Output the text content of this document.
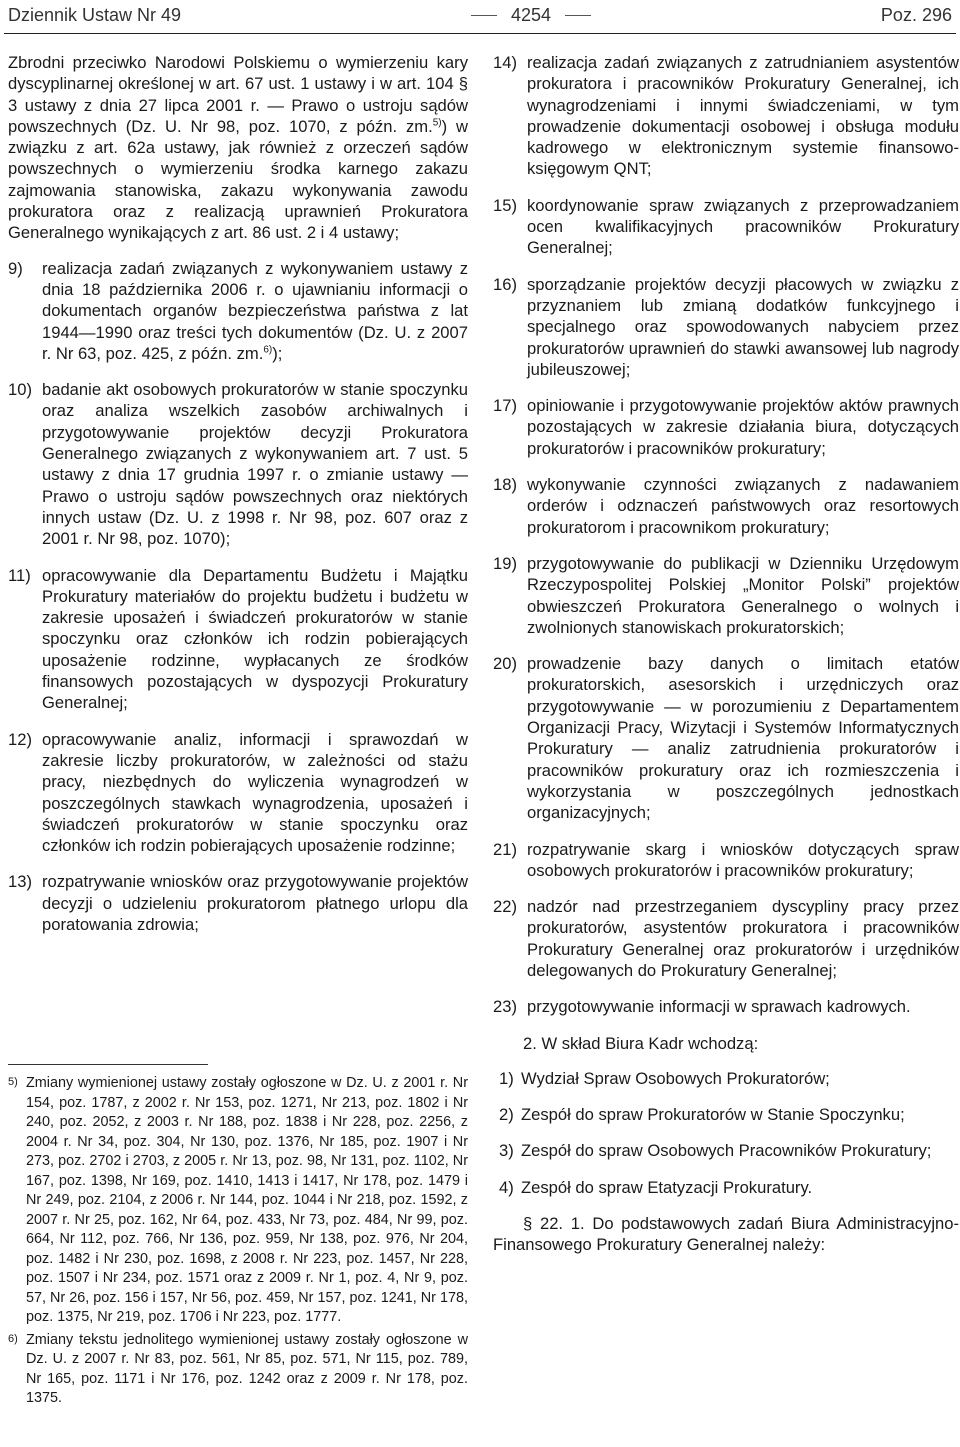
Dziennik Ustaw Nr 49	4254	Poz. 296

Zbrodni przeciwko Narodowi Polskiemu o wymierzeniu kary dyscyplinarnej określonej w art. 67 ust. 1 ustawy i w art. 104 § 3 ustawy z dnia 27 lipca 2001 r. — Prawo o ustroju sądów powszechnych (Dz. U. Nr 98, poz. 1070, z późn. zm.$^{5)}$) w związku z art. 62a ustawy, jak również z orzeczeń sądów powszechnych o wymierzeniu środka karnego zakazu zajmowania stanowiska, zakazu wykonywania zawodu prokuratora oraz z realizacją uprawnień Prokuratora Generalnego wynikających z art. 86 ust. 2 i 4 ustawy;

9)	realizacja zadań związanych z wykonywaniem ustawy z dnia 18 października 2006 r. o ujawnianiu informacji o dokumentach organów bezpieczeństwa państwa z lat 1944—1990 oraz treści tych dokumentów (Dz. U. z 2007 r. Nr 63, poz. 425, z późn. zm.$^{6)}$);
10) badanie akt osobowych prokuratorów w stanie spoczynku oraz analiza wszelkich zasobów archiwalnych i przygotowywanie projektów decyzji Prokuratora Generalnego związanych z wykonywaniem art. 7 ust. 5 ustawy z dnia 17 grudnia 1997 r. o zmianie ustawy — Prawo o ustroju sądów powszechnych oraz niektórych innych ustaw (Dz. U. z 1998 r. Nr 98, poz. 607 oraz z 2001 r. Nr 98, poz. 1070);
11) opracowywanie dla Departamentu Budżetu i Majątku Prokuratury materiałów do projektu budżetu i budżetu w zakresie uposażeń i świadczeń prokuratorów w stanie spoczynku oraz członków ich rodzin pobierających uposażenie rodzinne, wypłacanych ze środków finansowych pozostających w dyspozycji Prokuratury Generalnej;
12) opracowywanie analiz, informacji i sprawozdań w zakresie liczby prokuratorów, w zależności od stażu pracy, niezbędnych do wyliczenia wynagrodzeń w poszczególnych stawkach wynagrodzenia, uposażeń i świadczeń prokuratorów w stanie spoczynku oraz członków ich rodzin pobierających uposażenie rodzinne;
13) rozpatrywanie wniosków oraz przygotowywanie projektów decyzji o udzieleniu prokuratorom płatnego urlopu dla poratowania zdrowia;
5) Zmiany wymienionej ustawy zostały ogłoszone w Dz. U. z 2001 r. Nr 154, poz. 1787, z 2002 r. Nr 153, poz. 1271, Nr 213, poz. 1802 i Nr 240, poz. 2052, z 2003 r. Nr 188, poz. 1838 i Nr 228, poz. 2256, z 2004 r. Nr 34, poz. 304, Nr 130, poz. 1376, Nr 185, poz. 1907 i Nr 273, poz. 2702 i 2703, z 2005 r. Nr 13, poz. 98, Nr 131, poz. 1102, Nr 167, poz. 1398, Nr 169, poz. 1410, 1413 i 1417, Nr 178, poz. 1479 i Nr 249, poz. 2104, z 2006 r. Nr 144, poz. 1044 i Nr 218, poz. 1592, z 2007 r. Nr 25, poz. 162, Nr 64, poz. 433, Nr 73, poz. 484, Nr 99, poz. 664, Nr 112, poz. 766, Nr 136, poz. 959, Nr 138, poz. 976, Nr 204, poz. 1482 i Nr 230, poz. 1698, z 2008 r. Nr 223, poz. 1457, Nr 228, poz. 1507 i Nr 234, poz. 1571 oraz z 2009 r. Nr 1, poz. 4, Nr 9, poz. 57, Nr 26, poz. 156 i 157, Nr 56, poz. 459, Nr 157, poz. 1241, Nr 178, poz. 1375, Nr 219, poz. 1706 i Nr 223, poz. 1777.
6) Zmiany tekstu jednolitego wymienionej ustawy zostały ogłoszone w Dz. U. z 2007 r. Nr 83, poz. 561, Nr 85, poz. 571, Nr 115, poz. 789, Nr 165, poz. 1171 i Nr 176, poz. 1242 oraz z 2009 r. Nr 178, poz. 1375.
14) realizacja zadań związanych z zatrudnianiem asystentów prokuratora i pracowników Prokuratury Generalnej, ich wynagrodzeniami i innymi świadczeniami, w tym prowadzenie dokumentacji osobowej i obsługa modułu kadrowego w elektronicznym systemie finansowo-księgowym QNT;
15) koordynowanie spraw związanych z przeprowadzaniem ocen kwalifikacyjnych pracowników Prokuratury Generalnej;
16) sporządzanie projektów decyzji płacowych w związku z przyznaniem lub zmianą dodatków funkcyjnego i specjalnego oraz spowodowanych nabyciem przez prokuratorów uprawnień do stawki awansowej lub nagrody jubileuszowej;
17) opiniowanie i przygotowywanie projektów aktów prawnych pozostających w zakresie działania biura, dotyczących prokuratorów i pracowników prokuratury;
18) wykonywanie czynności związanych z nadawaniem orderów i odznaczeń państwowych oraz resortowych prokuratorom i pracownikom prokuratury;
19) przygotowywanie do publikacji w Dzienniku Urzędowym Rzeczypospolitej Polskiej „Monitor Polski” projektów obwieszczeń Prokuratora Generalnego o wolnych i zwolnionych stanowiskach prokuratorskich;
20) prowadzenie bazy danych o limitach etatów prokuratorskich, asesorskich i urzędniczych oraz przygotowywanie — w porozumieniu z Departamentem Organizacji Pracy, Wizytacji i Systemów Informatycznych Prokuratury — analiz zatrudnienia prokuratorów i pracowników prokuratury oraz ich rozmieszczenia i wykorzystania w poszczególnych jednostkach organizacyjnych;
21) rozpatrywanie skarg i wniosków dotyczących spraw osobowych prokuratorów i pracowników prokuratury;
22) nadzór nad przestrzeganiem dyscypliny pracy przez prokuratorów, asystentów prokuratora i pracowników Prokuratury Generalnej oraz prokuratorów i urzędników delegowanych do Prokuratury Generalnej;
23) przygotowywanie informacji w sprawach kadrowych.

2. W skład Biura Kadr wchodzą:

1) Wydział Spraw Osobowych Prokuratorów;
2) Zespół do spraw Prokuratorów w Stanie Spoczynku;
3) Zespół do spraw Osobowych Pracowników Prokuratury;
4) Zespół do spraw Etatyzacji Prokuratury.

§ 22. 1. Do podstawowych zadań Biura Administracyjno-Finansowego Prokuratury Generalnej należy:
